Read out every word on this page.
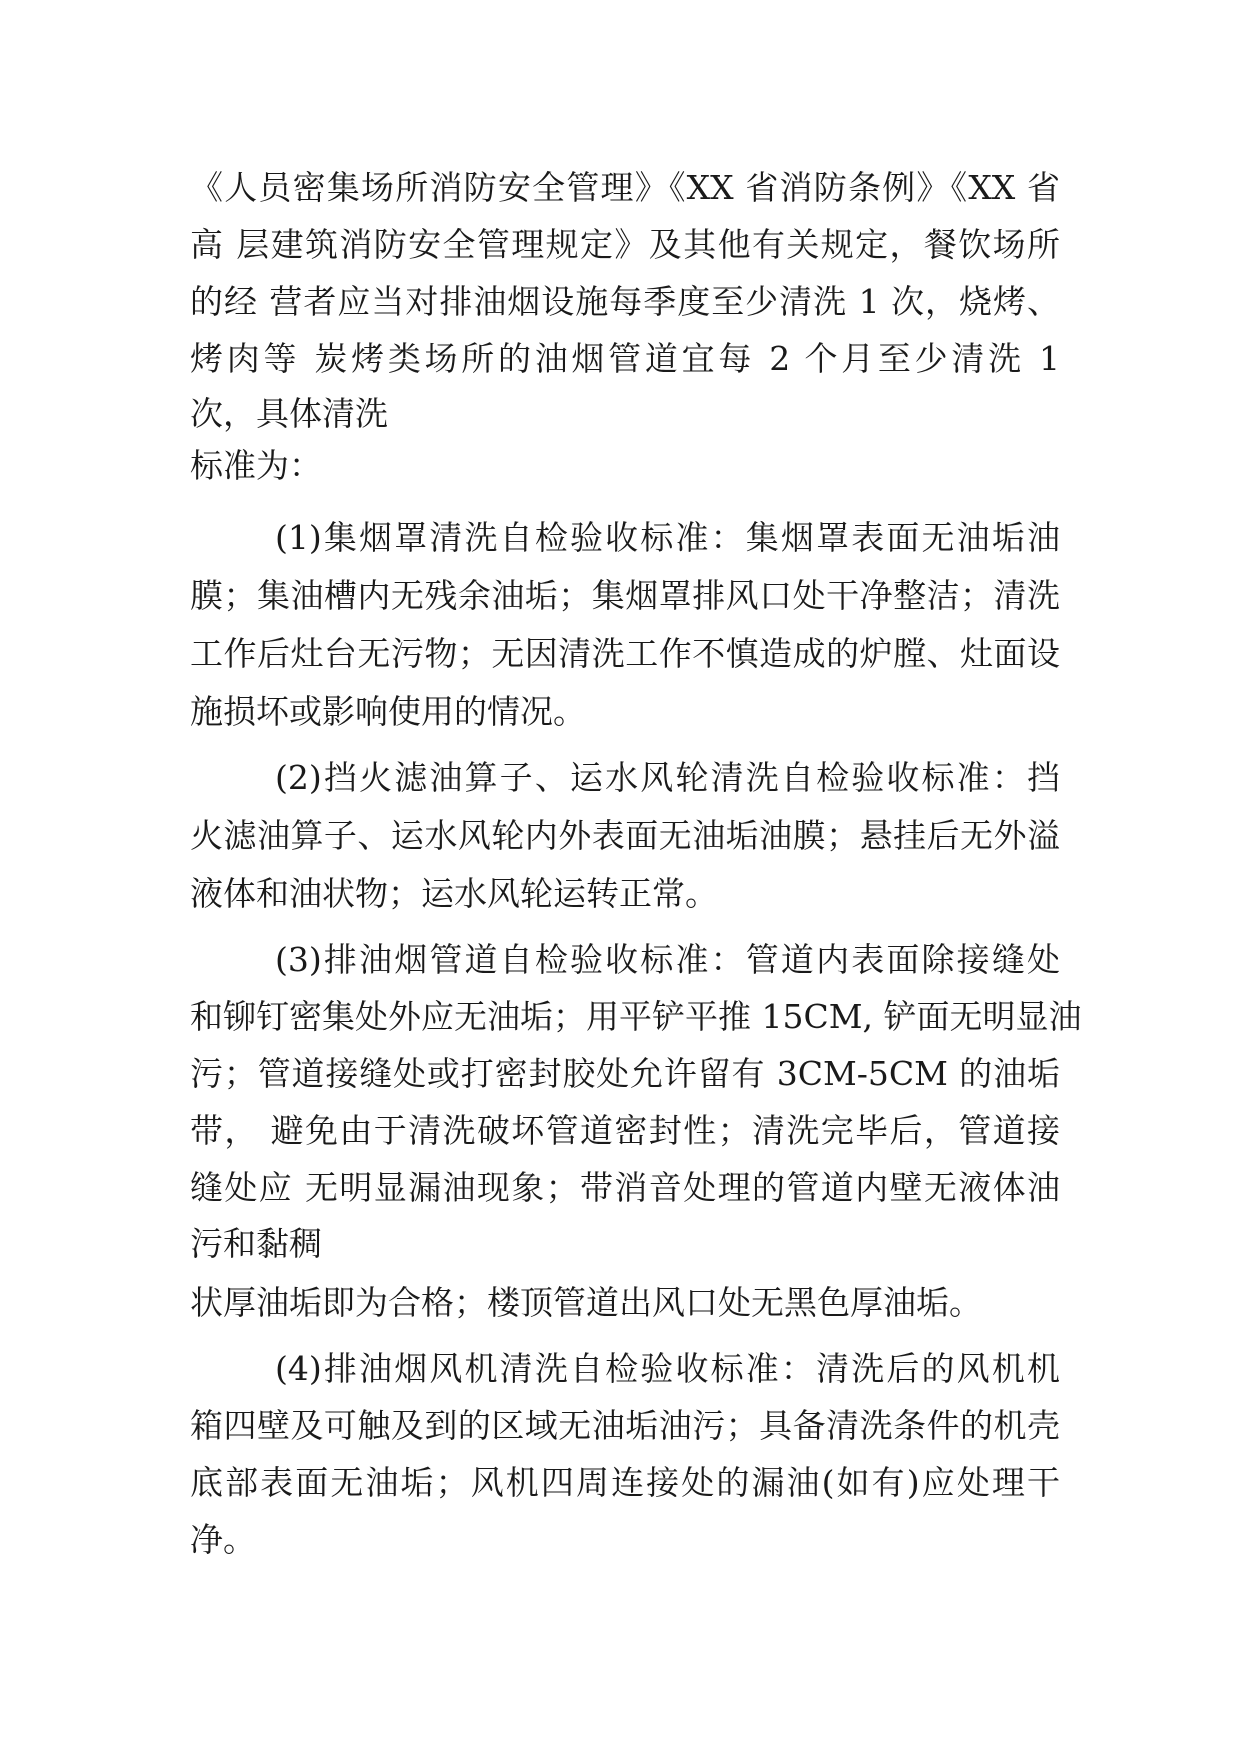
《人员密集场所消防安全管理》《XX 省消防条例》《XX 省
高 层建筑消防安全管理规定》及其他有关规定，餐饮场所
的经 营者应当对排油烟设施每季度至少清洗 1 次，烧烤、
烤肉等 炭烤类场所的油烟管道宜每 2 个月至少清洗 1
次，具体清洗
标准为：
(1)集烟罩清洗自检验收标准：集烟罩表面无油垢油
膜；集油槽内无残余油垢；集烟罩排风口处干净整洁；清洗
工作后灶台无污物；无因清洗工作不慎造成的炉膛、灶面设
施损坏或影响使用的情况。
(2)挡火滤油算子、运水风轮清洗自检验收标准：挡
火滤油算子、运水风轮内外表面无油垢油膜；悬挂后无外溢
液体和油状物；运水风轮运转正常。
(3)排油烟管道自检验收标准：管道内表面除接缝处
和铆钉密集处外应无油垢；用平铲平推 15CM, 铲面无明显油
污；管道接缝处或打密封胶处允许留有 3CM-5CM 的油垢
带， 避免由于清洗破坏管道密封性；清洗完毕后，管道接
缝处应 无明显漏油现象；带消音处理的管道内壁无液体油
污和黏稠
状厚油垢即为合格；楼顶管道出风口处无黑色厚油垢。
(4)排油烟风机清洗自检验收标准：清洗后的风机机
箱四壁及可触及到的区域无油垢油污；具备清洗条件的机壳
底部表面无油垢；风机四周连接处的漏油(如有)应处理干
净。
